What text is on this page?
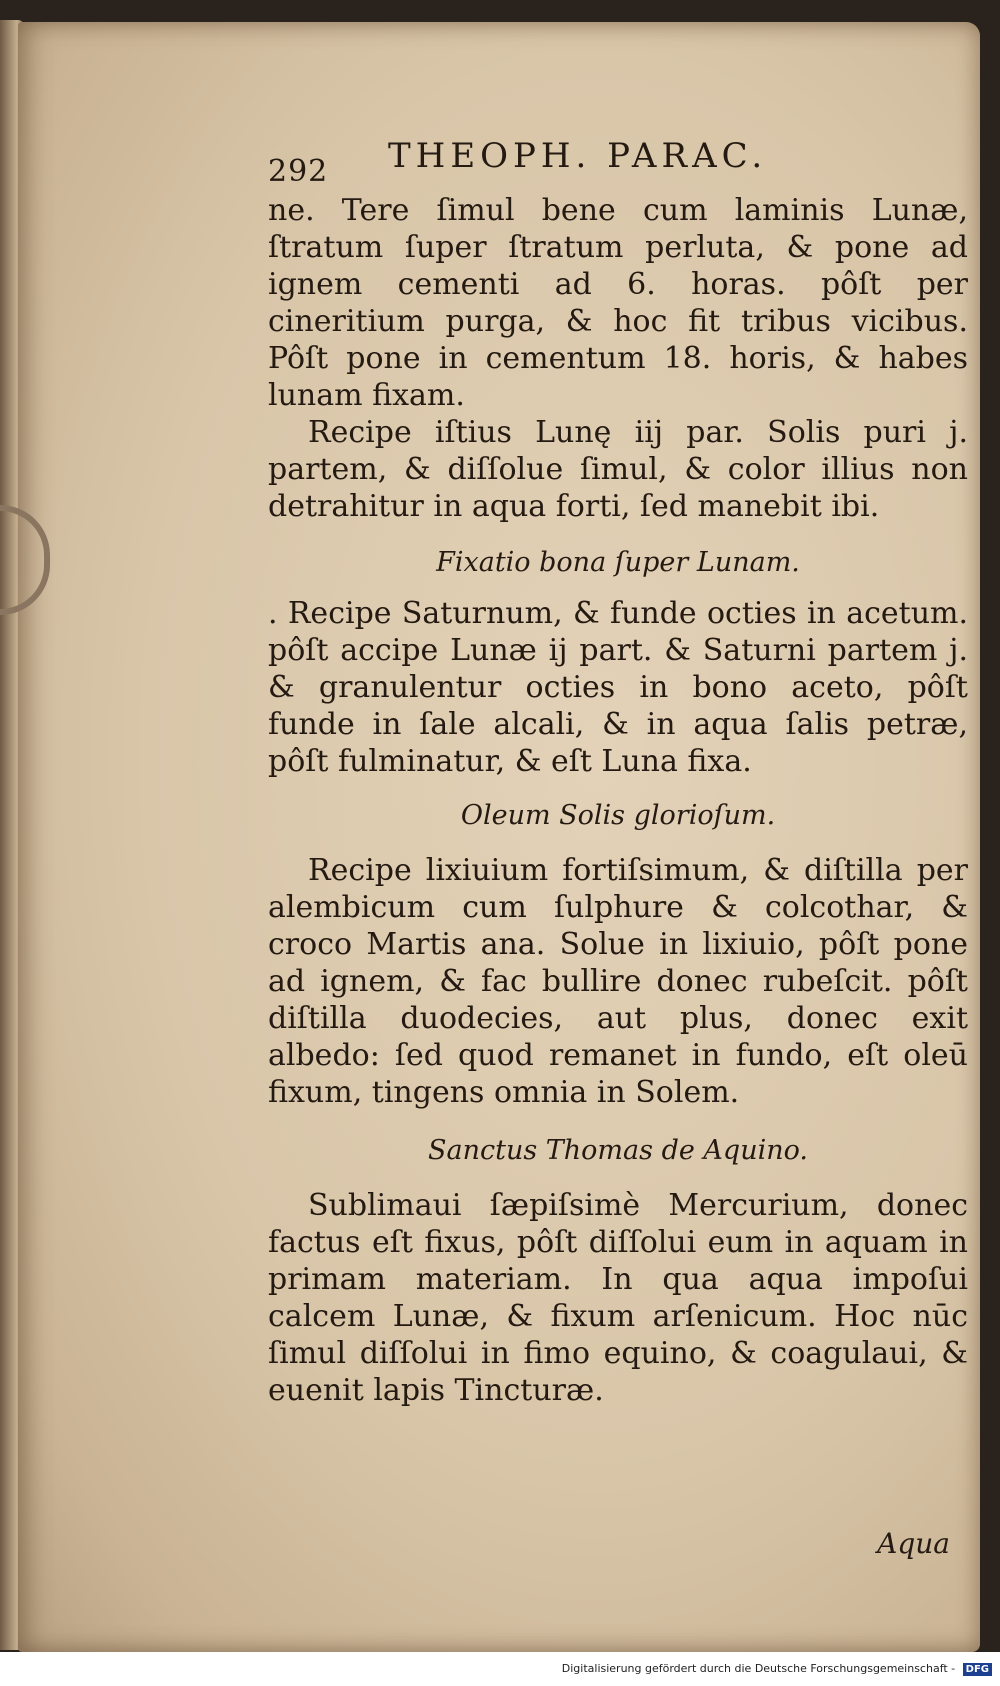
292 THEOPH. PARAC.

ne. Tere ſimul bene cum laminis Lunæ, ſtratum ſuper ſtratum perluta, & pone ad ignem cementi ad 6. horas. pôſt per cineritium purga, & hoc fit tribus vicibus. Pôſt pone in cementum 18. horis, & habes lunam fixam.

Recipe iſtius Lunę iij par. Solis puri j. partem, & diſſolue ſimul, & color illius non detrahitur in aqua forti, ſed manebit ibi.

Fixatio bona ſuper Lunam.

. Recipe Saturnum, & funde octies in acetum. pôſt accipe Lunæ ij part. & Saturni partem j. & granulentur octies in bono aceto, pôſt funde in ſale alcali, & in aqua ſalis petræ, pôſt fulminatur, & eſt Luna fixa.

Oleum Solis glorioſum.

Recipe lixiuium fortiſsimum, & diſtilla per alembicum cum ſulphure & colcothar, & croco Martis ana. Solue in lixiuio, pôſt pone ad ignem, & fac bullire donec rubeſcit. pôſt diſtilla duodecies, aut plus, donec exit albedo: ſed quod remanet in fundo, eſt oleū fixum, tingens omnia in Solem.

Sanctus Thomas de Aquino.

Sublimaui ſæpiſsimè Mercurium, donec factus eſt fixus, pôſt diſſolui eum in aquam in primam materiam. In qua aqua impoſui calcem Lunæ, & fixum arſenicum. Hoc nūc ſimul diſſolui in fimo equino, & coagulaui, & euenit lapis Tincturæ.

Aqua
Digitalisierung gefördert durch die Deutsche Forschungsgemeinschaft - DFG
